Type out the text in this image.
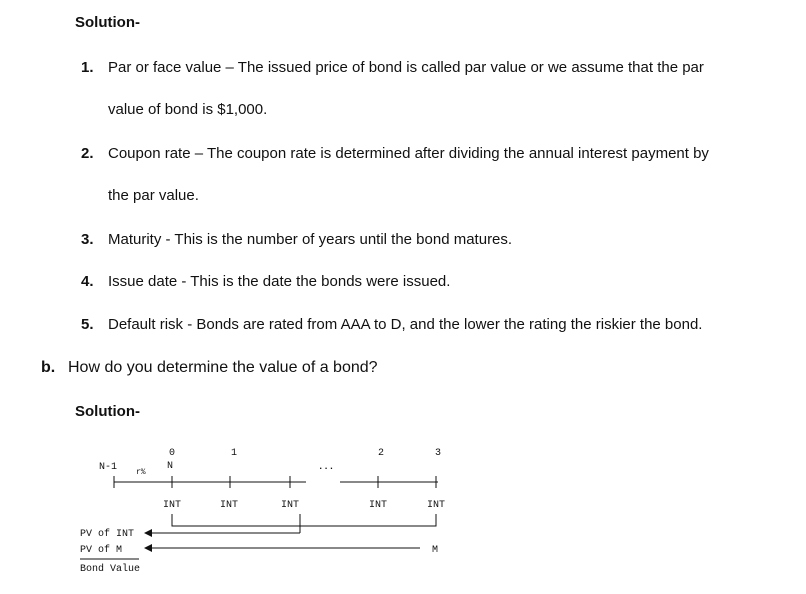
Solution-
1. Par or face value – The issued price of bond is called par value or we assume that the par
value of bond is $1,000.
2. Coupon rate – The coupon rate is determined after dividing the annual interest payment by
the par value.
3. Maturity - This is the number of years until the bond matures.
4. Issue date - This is the date the bonds were issued.
5. Default risk - Bonds are rated from AAA to D, and the lower the rating the riskier the bond.
b. How do you determine the value of a bond?
Solution-
0	1	2	3
N
N-1 r%
...
INT	INT	INT	INT	INT
PV of INT
PV of M
Bond Value
M
